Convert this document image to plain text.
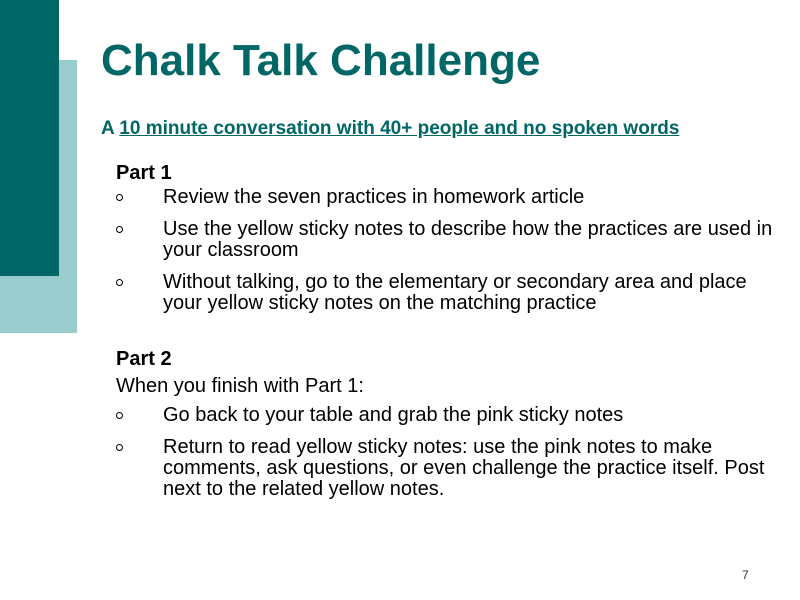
Chalk Talk Challenge

A 10 minute conversation with 40+ people and no spoken words

Part 1

Review the seven practices in homework article
Use the yellow sticky notes to describe how the practices are used in your classroom
Without talking, go to the elementary or secondary area and place your yellow sticky notes on the matching practice

Part 2

When you finish with Part 1:

Go back to your table and grab the pink sticky notes
Return to read yellow sticky notes: use the pink notes to make comments, ask questions, or even challenge the practice itself. Post next to the related yellow notes.
7
